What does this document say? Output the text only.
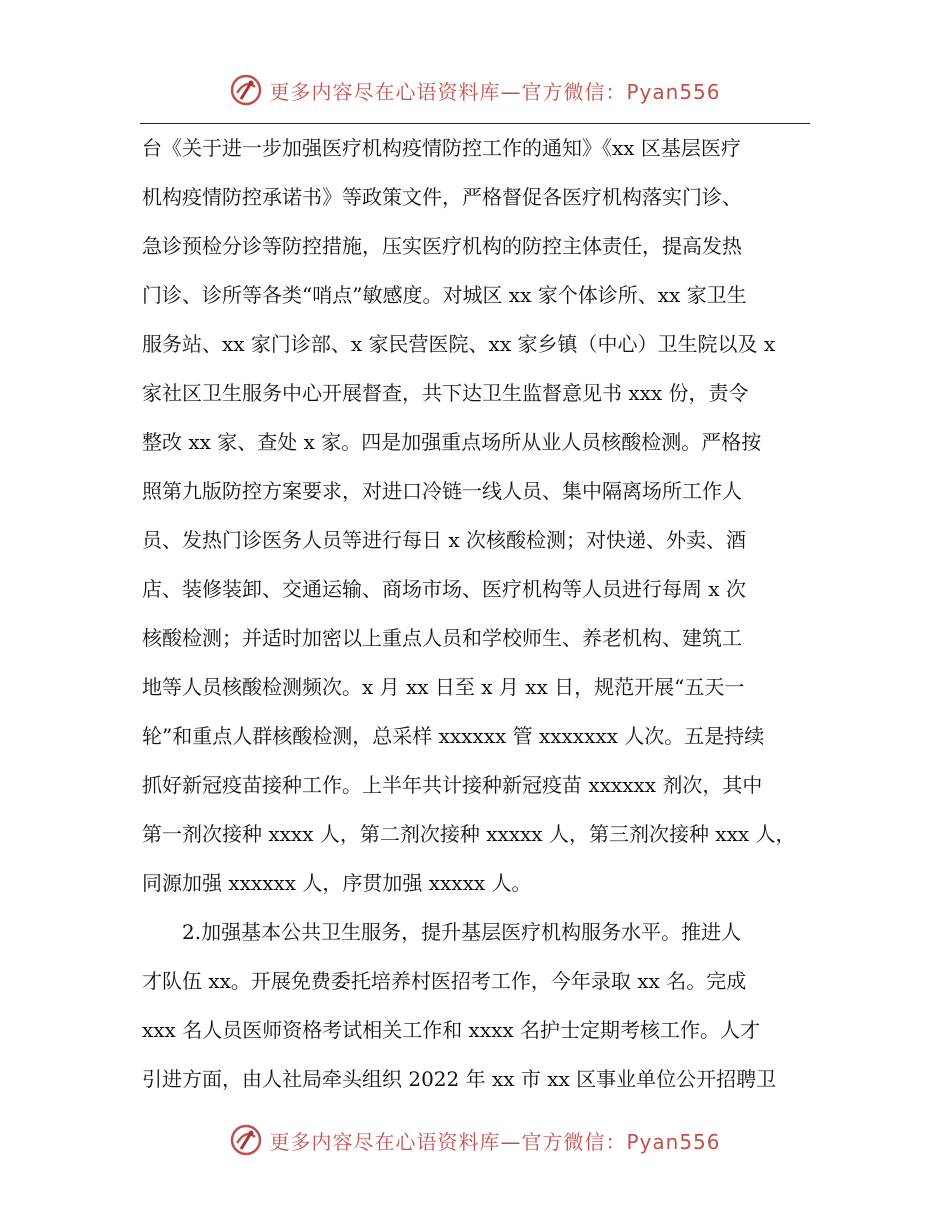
更多内容尽在心语资料库—官方微信：Pyan556
台《关于进一步加强医疗机构疫情防控工作的通知》《xx 区基层医疗
机构疫情防控承诺书》等政策文件，严格督促各医疗机构落实门诊、
急诊预检分诊等防控措施，压实医疗机构的防控主体责任，提高发热
门诊、诊所等各类“哨点”敏感度。对城区 xx 家个体诊所、xx 家卫生
服务站、xx 家门诊部、x 家民营医院、xx 家乡镇（中心）卫生院以及 x
家社区卫生服务中心开展督查，共下达卫生监督意见书 xxx 份，责令
整改 xx 家、查处 x 家。四是加强重点场所从业人员核酸检测。严格按
照第九版防控方案要求，对进口冷链一线人员、集中隔离场所工作人
员、发热门诊医务人员等进行每日 x 次核酸检测；对快递、外卖、酒
店、装修装卸、交通运输、商场市场、医疗机构等人员进行每周 x 次
核酸检测；并适时加密以上重点人员和学校师生、养老机构、建筑工
地等人员核酸检测频次。x 月 xx 日至 x 月 xx 日，规范开展“五天一
轮”和重点人群核酸检测，总采样 xxxxxx 管 xxxxxxx 人次。五是持续
抓好新冠疫苗接种工作。上半年共计接种新冠疫苗 xxxxxx 剂次，其中
第一剂次接种 xxxx 人，第二剂次接种 xxxxx 人，第三剂次接种 xxx 人，
同源加强 xxxxxx 人，序贯加强 xxxxx 人。
　　2.加强基本公共卫生服务，提升基层医疗机构服务水平。推进人
才队伍 xx。开展免费委托培养村医招考工作，今年录取 xx 名。完成
xxx 名人员医师资格考试相关工作和 xxxx 名护士定期考核工作。人才
引进方面，由人社局牵头组织 2022 年 xx 市 xx 区事业单位公开招聘卫
更多内容尽在心语资料库—官方微信：Pyan556
